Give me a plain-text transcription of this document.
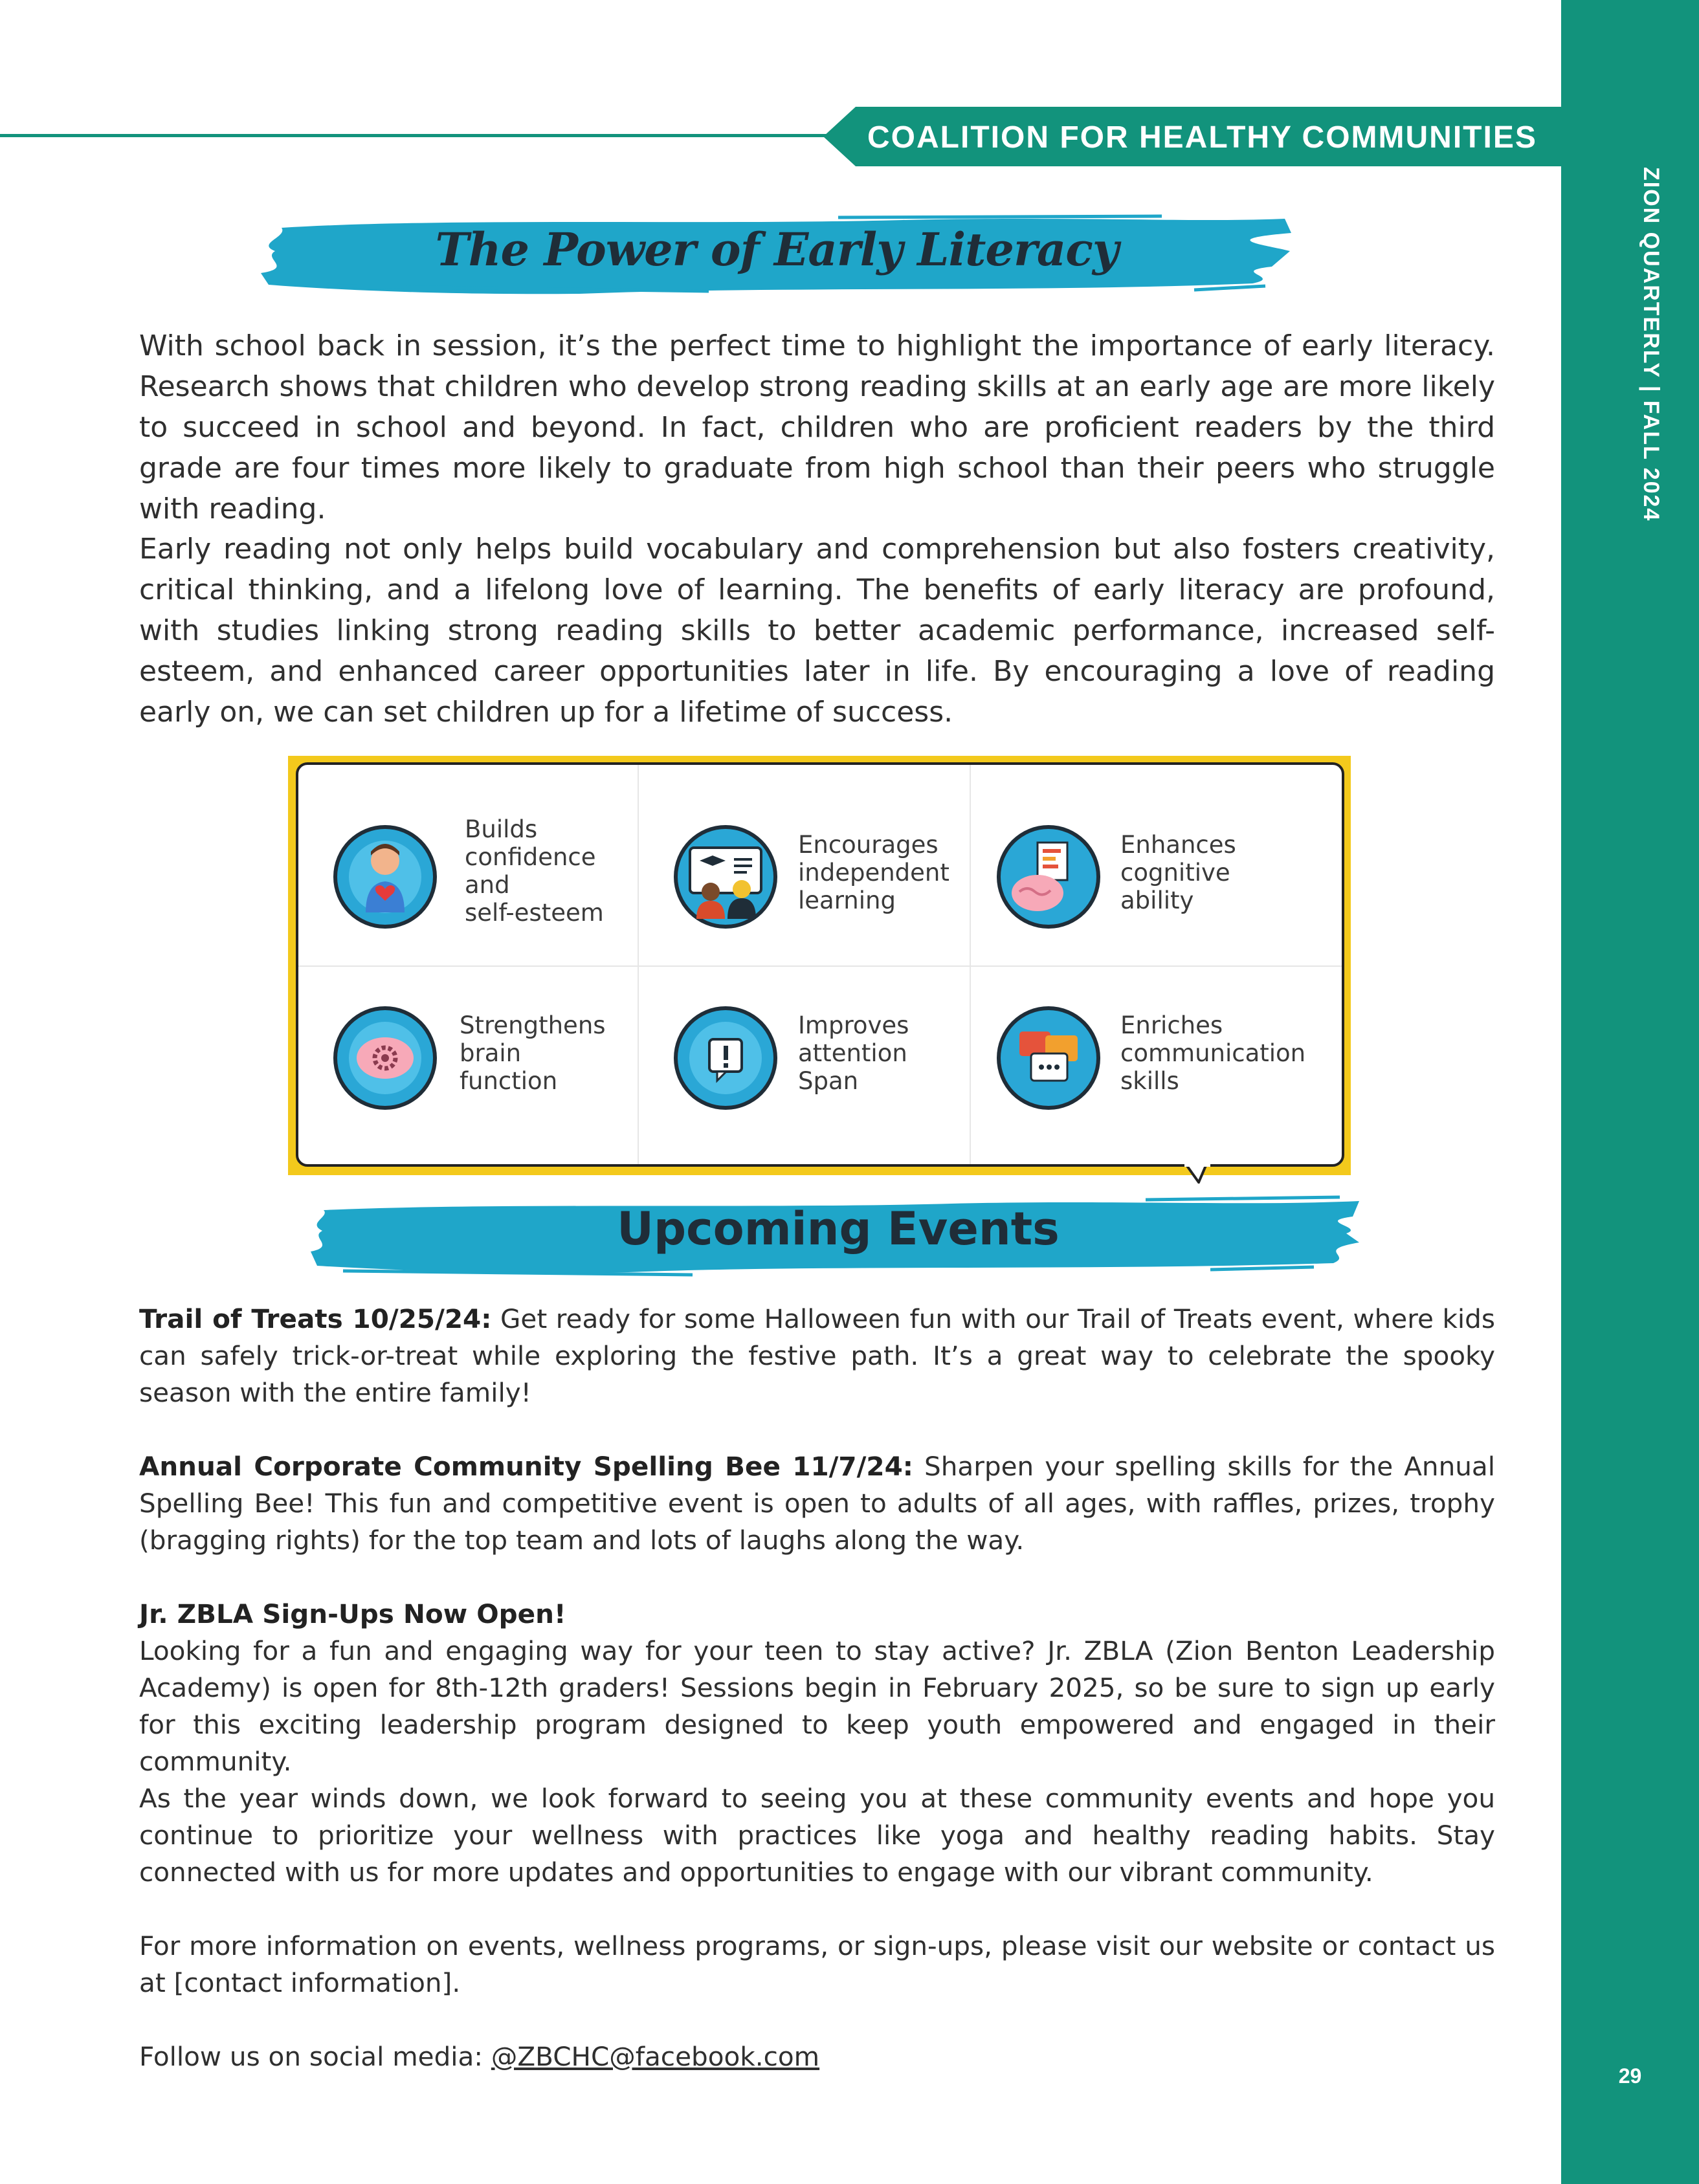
ZION QUARTERLY | FALL 2024
29
COALITION FOR HEALTHY COMMUNITIES
The Power of Early Literacy

With school back in session, it’s the perfect time to highlight the importance of early literacy. Research shows that children who develop strong reading skills at an early age are more likely to succeed in school and beyond. In fact, children who are proficient readers by the third grade are four times more likely to graduate from high school than their peers who struggle with reading.

Early reading not only helps build vocabulary and comprehension but also fosters creativity, critical thinking, and a lifelong love of learning. The benefits of early literacy are profound, with studies linking strong reading skills to better academic performance, increased self-esteem, and enhanced career opportunities later in life. By encouraging a love of reading early on, we can set children up for a lifetime of success.

Builds
confidence
and
self-esteem
Encourages
independent
learning
Enhances
cognitive
ability
Strengthens
brain
function
Improves
attention
Span
Enriches
communication
skills
Upcoming Events

Trail of Treats 10/25/24: Get ready for some Halloween fun with our Trail of Treats event, where kids can safely trick-or-treat while exploring the festive path. It’s a great way to celebrate the spooky season with the entire family!

Annual Corporate Community Spelling Bee 11/7/24: Sharpen your spelling skills for the Annual Spelling Bee! This fun and competitive event is open to adults of all ages, with raffles, prizes, trophy (bragging rights) for the top team and lots of laughs along the way.

Jr. ZBLA Sign-Ups Now Open!
Looking for a fun and engaging way for your teen to stay active? Jr. ZBLA (Zion Benton Leadership Academy) is open for 8th-12th graders! Sessions begin in February 2025, so be sure to sign up early for this exciting leadership program designed to keep youth empowered and engaged in their community.

As the year winds down, we look forward to seeing you at these community events and hope you continue to prioritize your wellness with practices like yoga and healthy reading habits. Stay connected with us for more updates and opportunities to engage with our vibrant community.

For more information on events, wellness programs, or sign-ups, please visit our website or contact us at [contact information].

Follow us on social media: @ZBCHC@facebook.com
